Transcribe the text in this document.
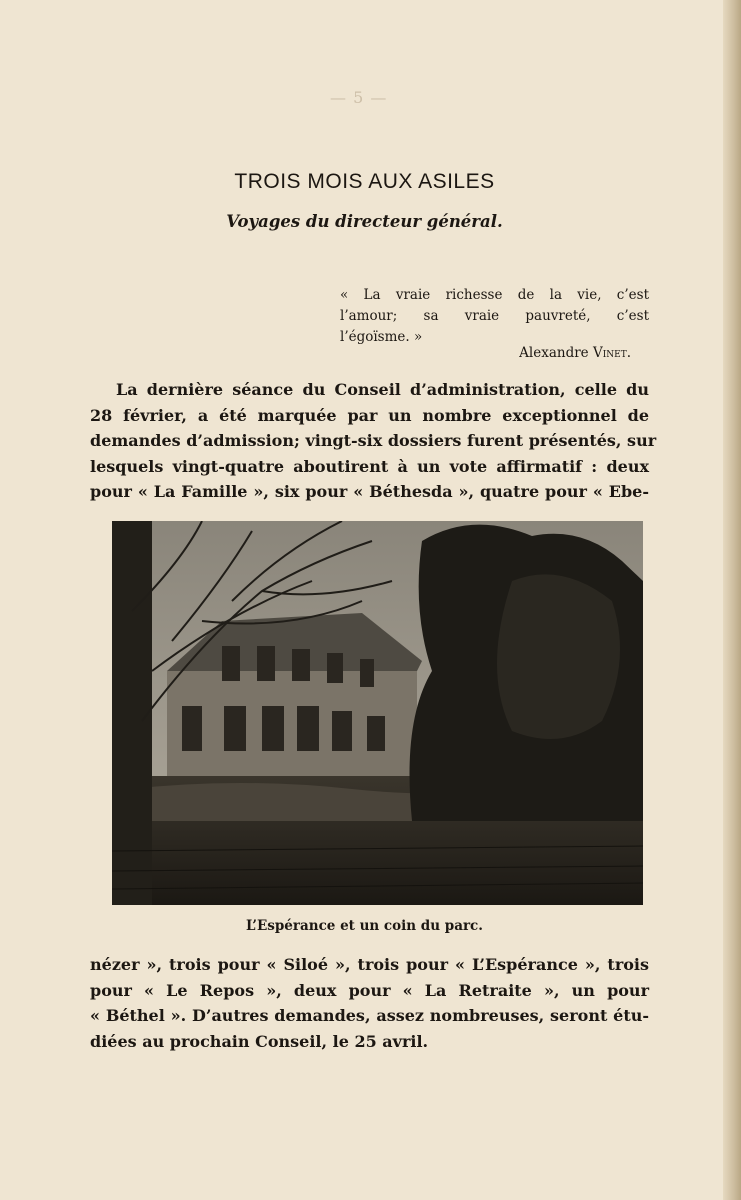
— 5 —
TROIS MOIS AUX ASILES
Voyages du directeur général.
« La vraie richesse de la vie, c’est
l’amour; sa vraie pauvreté, c’est
l’égoïsme. »
Alexandre Vinet.
La dernière séance du Conseil d’administration, celle du
28 février, a été marquée par un nombre exceptionnel de
demandes d’admission; vingt-six dossiers furent présentés, sur
lesquels vingt-quatre aboutirent à un vote affirmatif : deux
pour « La Famille », six pour « Béthesda », quatre pour « Ebe-
L’Espérance et un coin du parc.
nézer », trois pour « Siloé », trois pour « L’Espérance », trois
pour « Le Repos », deux pour « La Retraite », un pour
« Béthel ». D’autres demandes, assez nombreuses, seront étu-
diées au prochain Conseil, le 25 avril.
